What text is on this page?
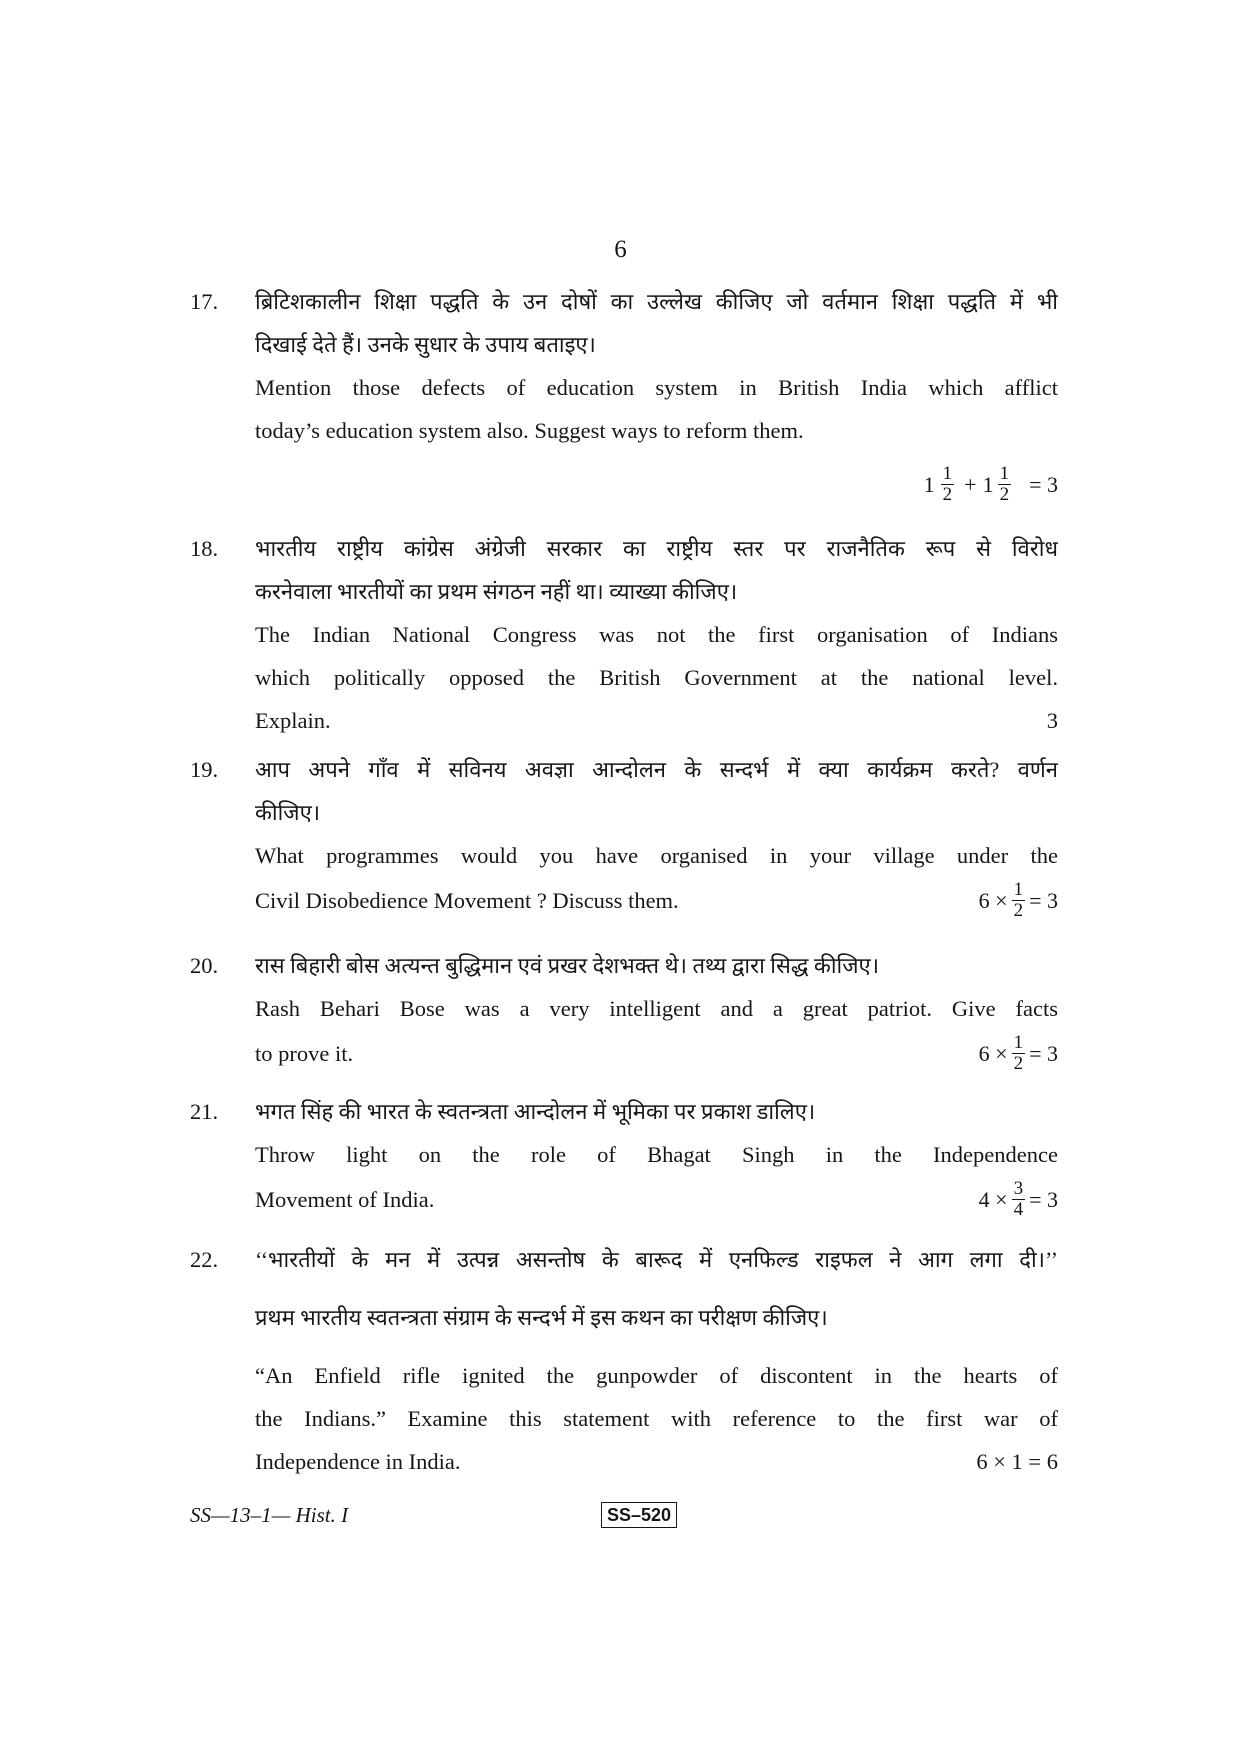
6
17. ब्रिटिशकालीन शिक्षा पद्धति के उन दोषों का उल्लेख कीजिए जो वर्तमान शिक्षा पद्धति में भी
दिखाई देते हैं। उनके सुधार के उपाय बताइए।
Mention those defects of education system in British India which afflict
today’s education system also. Suggest ways to reform them.
$1 \frac{1}{2} + 1 \frac{1}{2} = 3$
18. भारतीय राष्ट्रीय कांग्रेस अंग्रेजी सरकार का राष्ट्रीय स्तर पर राजनैतिक रूप से विरोध
करनेवाला भारतीयों का प्रथम संगठन नहीं था। व्याख्या कीजिए।
The Indian National Congress was not the first organisation of Indians
which politically opposed the British Government at the national level.
Explain.	3
19. आप अपने गाँव में सविनय अवज्ञा आन्दोलन के सन्दर्भ में क्या कार्यक्रम करते? वर्णन
कीजिए।
What programmes would you have organised in your village under the
Civil Disobedience Movement ? Discuss them.	$6 \times \frac{1}{2} = 3$
20. रास बिहारी बोस अत्यन्त बुद्धिमान एवं प्रखर देशभक्त थे। तथ्य द्वारा सिद्ध कीजिए।
Rash Behari Bose was a very intelligent and a great patriot. Give facts
to prove it.	$6 \times \frac{1}{2} = 3$
21. भगत सिंह की भारत के स्वतन्त्रता आन्दोलन में भूमिका पर प्रकाश डालिए।
Throw light on the role of Bhagat Singh in the Independence
Movement of India.	$4 \times \frac{3}{4} = 3$
22. ‘‘भारतीयों के मन में उत्पन्न असन्तोष के बारूद में एनफिल्ड राइफल ने आग लगा दी।’’
प्रथम भारतीय स्वतन्त्रता संग्राम के सन्दर्भ में इस कथन का परीक्षण कीजिए।
“An Enfield rifle ignited the gunpowder of discontent in the hearts of
the Indians.” Examine this statement with reference to the first war of
Independence in India.	6 × 1 = 6
SS—13–1— Hist. I	SS–520
